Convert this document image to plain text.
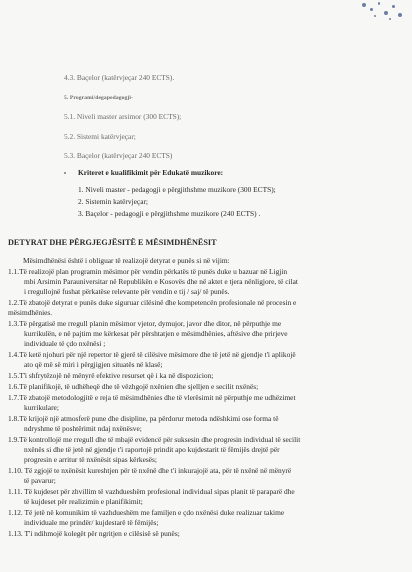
4.3. Baçelor (katërvjeçar 240 ECTS).
5. Programi/degapedagogji-
5.1. Niveli master arsimor (300 ECTS);
5.2. Sistemi katërvjeçar;
5.3. Baçelor (katërvjeçar 240 ECTS)
Kriteret e kualifikimit për Edukatë muzikore:
1. Niveli master - pedagogji e përgjithshme muzikore (300 ECTS);
2. Sistemin katërvjeçar;
3. Baçelor - pedagogji e përgjithshme muzikore (240 ECTS) .
DETYRAT DHE PËRGJEGJËSITË E MËSIMDHËNËSIT
Mësimdhënësi është i obliguar të realizojë detyrat e punës si në vijim:
1.1.Të realizojë plan programin mësimor për vendin përkatës të punës duke u bazuar në Ligjin
mbi Arsimin Parauniversitar në Republikën e Kosovës dhe në aktet e tjera nënligjore, të cilat
i rregullojnë fushat përkatëse relevante për vendin e tij / saj/ të punës.
1.2.Të zbatojë detyrat e punës duke siguruar cilësinë dhe kompetencën profesionale në procesin e
mësimdhënies.
1.3.Të përgatisë me rregull planin mësimor vjetor, dymujor, javor dhe ditor, në përputhje me
kurrikulën, e në pajtim me kërkesat për përshtatjen e mësimdhënies, aftësive dhe prirjeve
individuale të çdo nxënësi ;
1.4.Të ketë njohuri për një repertor të gjerë të cilësive mësimore dhe të jetë në gjendje t'i aplikojë
ato që më së miri i përgjigjen situatës në klasë;
1.5.T'i shfrytëzojë në mënyrë efektive resurset që i ka në dispozicion;
1.6.Të planifikojë, të udhëheqë dhe të vëzhgojë nxënien dhe sjelljen e secilit nxënës;
1.7.Të zbatojë metodologjitë e reja të mësimdhënies dhe të vlerësimit në përputhje me udhëzimet
kurrikulare;
1.8.Të krijojë një atmosferë pune dhe disipline, pa përdorur metoda ndëshkimi ose forma të
ndryshme të poshtërimit ndaj nxënësve;
1.9.Të kontrollojë me rregull dhe të mbajë evidencë për suksesin dhe progresin individual të secilit
nxënës si dhe të jetë në gjendje t'i raportojë prindit apo kujdestarit të fëmijës drejtë për
progresin e arritur të nxënësit sipas kërkesës;
1.10. Të zgjojë te nxënësit kureshtjen për të nxënë dhe t'i inkurajojë ata, për të nxënë në mënyrë
të pavarur;
1.11. Të kujdeset për zhvillim të vazhdueshëm profesional individual sipas planit të paraparë dhe
të kujdeset për realizimin e planifikimit;
1.12. Të jetë në komunikim të vazhdueshëm me familjen e çdo nxënësi duke realizuar takime
individuale me prindër/ kujdestarë të fëmijës;
1.13. T'i ndihmojë kolegët për ngritjen e cilësisë së punës;
